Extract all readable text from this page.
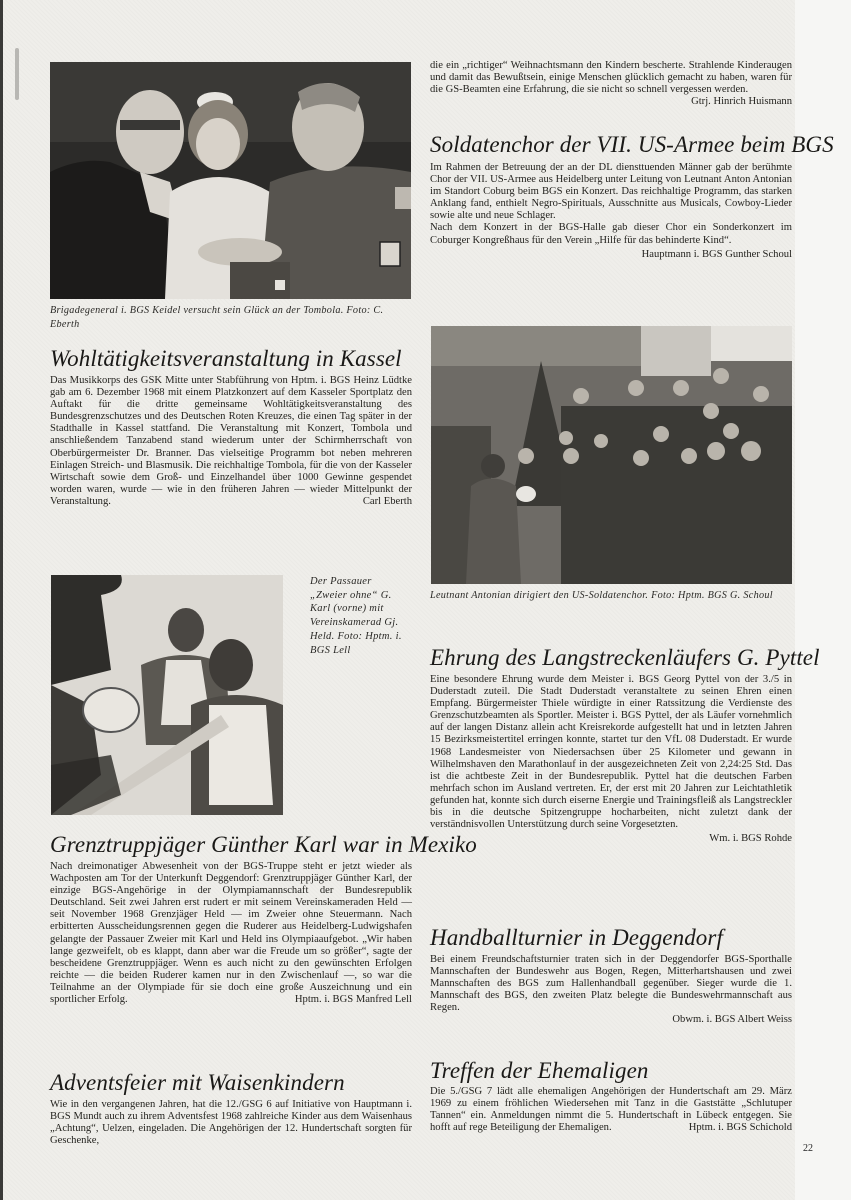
Brigadegeneral i. BGS Keidel versucht sein Glück an der Tombola. Foto: C. Eberth
Wohltätigkeitsveranstaltung in Kassel

Das Musikkorps des GSK Mitte unter Stabführung von Hptm. i. BGS Heinz Lüdtke gab am 6. Dezember 1968 mit einem Platzkonzert auf dem Kasseler Sportplatz den Auftakt für die dritte gemeinsame Wohltätigkeitsveranstaltung des Bundesgrenzschutzes und des Deutschen Roten Kreuzes, die einen Tag später in der Stadthalle in Kassel stattfand. Die Veranstaltung mit Konzert, Tombola und anschließendem Tanzabend stand wiederum unter der Schirmherrschaft von Oberbürgermeister Dr. Branner. Das vielseitige Programm bot neben mehreren Einlagen Streich- und Blasmusik. Die reichhaltige Tombola, für die von der Kasseler Wirtschaft sowie dem Groß- und Einzelhandel über 1000 Gewinne gespendet worden waren, wurde — wie in den früheren Jahren — wieder Mittelpunkt der Veranstaltung.	Carl Eberth
Der Passauer „Zweier ohne“ G. Karl (vorne) mit Vereinskamerad Gj. Held. Foto: Hptm. i. BGS Lell
Grenztruppjäger Günther Karl war in Mexiko

Nach dreimonatiger Abwesenheit von der BGS-Truppe steht er jetzt wieder als Wachposten am Tor der Unterkunft Deggendorf: Grenztruppjäger Günther Karl, der einzige BGS-Angehörige in der Olympiamannschaft der Bundesrepublik Deutschland. Seit zwei Jahren erst rudert er mit seinem Vereinskameraden Held — seit November 1968 Grenzjäger Held — im Zweier ohne Steuermann. Nach erbitterten Ausscheidungsrennen gegen die Ruderer aus Heidelberg-Ludwigshafen gelangte der Passauer Zweier mit Karl und Held ins Olympiaaufgebot. „Wir haben lange gezweifelt, ob es klappt, dann aber war die Freude um so größer“, sagte der bescheidene Grenztruppjäger. Wenn es auch nicht zu den gewünschten Erfolgen reichte — die beiden Ruderer kamen nur in den Zwischenlauf —, so war die Teilnahme an der Olympiade für sie doch eine große Auszeichnung und ein sportlicher Erfolg.	Hptm. i. BGS Manfred Lell

Adventsfeier mit Waisenkindern

Wie in den vergangenen Jahren, hat die 12./GSG 6 auf Initiative von Hauptmann i. BGS Mundt auch zu ihrem Adventsfest 1968 zahlreiche Kinder aus dem Waisenhaus „Achtung“, Uelzen, eingeladen. Die Angehörigen der 12. Hundertschaft sorgten für Geschenke,

die ein „richtiger“ Weihnachtsmann den Kindern bescherte. Strahlende Kinderaugen und damit das Bewußtsein, einige Menschen glücklich gemacht zu haben, waren für die GS-Beamten eine Erfahrung, die sie nicht so schnell vergessen werden.
Gtrj. Hinrich Huismann

Soldatenchor der VII. US-Armee beim BGS

Im Rahmen der Betreuung der an der DL diensttuenden Männer gab der berühmte Chor der VII. US-Armee aus Heidelberg unter Leitung von Leutnant Anton Antonian im Standort Coburg beim BGS ein Konzert. Das reichhaltige Programm, das starken Anklang fand, enthielt Negro-Spirituals, Ausschnitte aus Musicals, Cowboy-Lieder sowie alte und neue Schlager.

Nach dem Konzert in der BGS-Halle gab dieser Chor ein Sonderkonzert im Coburger Kongreßhaus für den Verein „Hilfe für das behinderte Kind“.

Hauptmann i. BGS Gunther Schoul
Leutnant Antonian dirigiert den US-Soldatenchor. Foto: Hptm. BGS G. Schoul
Ehrung des Langstreckenläufers G. Pyttel

Eine besondere Ehrung wurde dem Meister i. BGS Georg Pyttel von der 3./5 in Duderstadt zuteil. Die Stadt Duderstadt veranstaltete zu seinen Ehren einen Empfang. Bürgermeister Thiele würdigte in einer Ratssitzung die Verdienste des Grenzschutzbeamten als Sportler. Meister i. BGS Pyttel, der als Läufer vornehmlich auf der langen Distanz allein acht Kreisrekorde aufgestellt hat und in letzten Jahren 15 Bezirksmeistertitel erringen konnte, startet tur den VfL 08 Duderstadt. Er wurde 1968 Landesmeister von Niedersachsen über 25 Kilometer und gewann in Wilhelmshaven den Marathonlauf in der ausgezeichneten Zeit von 2,24:25 Std. Das ist die achtbeste Zeit in der Bundesrepublik. Pyttel hat die deutschen Farben mehrfach schon im Ausland vertreten. Er, der erst mit 20 Jahren zur Leichtathletik gefunden hat, konnte sich durch eiserne Energie und Trainingsfleiß als Langstreckler bis in die deutsche Spitzengruppe hocharbeiten, nicht zuletzt dank der verständnisvollen Unterstützung durch seine Vorgesetzten.

Wm. i. BGS Rohde
Handballturnier in Deggendorf

Bei einem Freundschaftsturnier traten sich in der Deggendorfer BGS-Sporthalle Mannschaften der Bundeswehr aus Bogen, Regen, Mitterhartshausen und zwei Mannschaften des BGS zum Hallenhandball gegenüber. Sieger wurde die 1. Mannschaft des BGS, den zweiten Platz belegte die Bundeswehrmannschaft aus Regen.

Obwm. i. BGS Albert Weiss
Treffen der Ehemaligen

Die 5./GSG 7 lädt alle ehemaligen Angehörigen der Hundertschaft am 29. März 1969 zu einem fröhlichen Wiedersehen mit Tanz in die Gaststätte „Schlutuper Tannen“ ein. Anmeldungen nimmt die 5. Hundertschaft in Lübeck entgegen. Sie hofft auf rege Beteiligung der Ehemaligen.	Hptm. i. BGS Schichold

22
